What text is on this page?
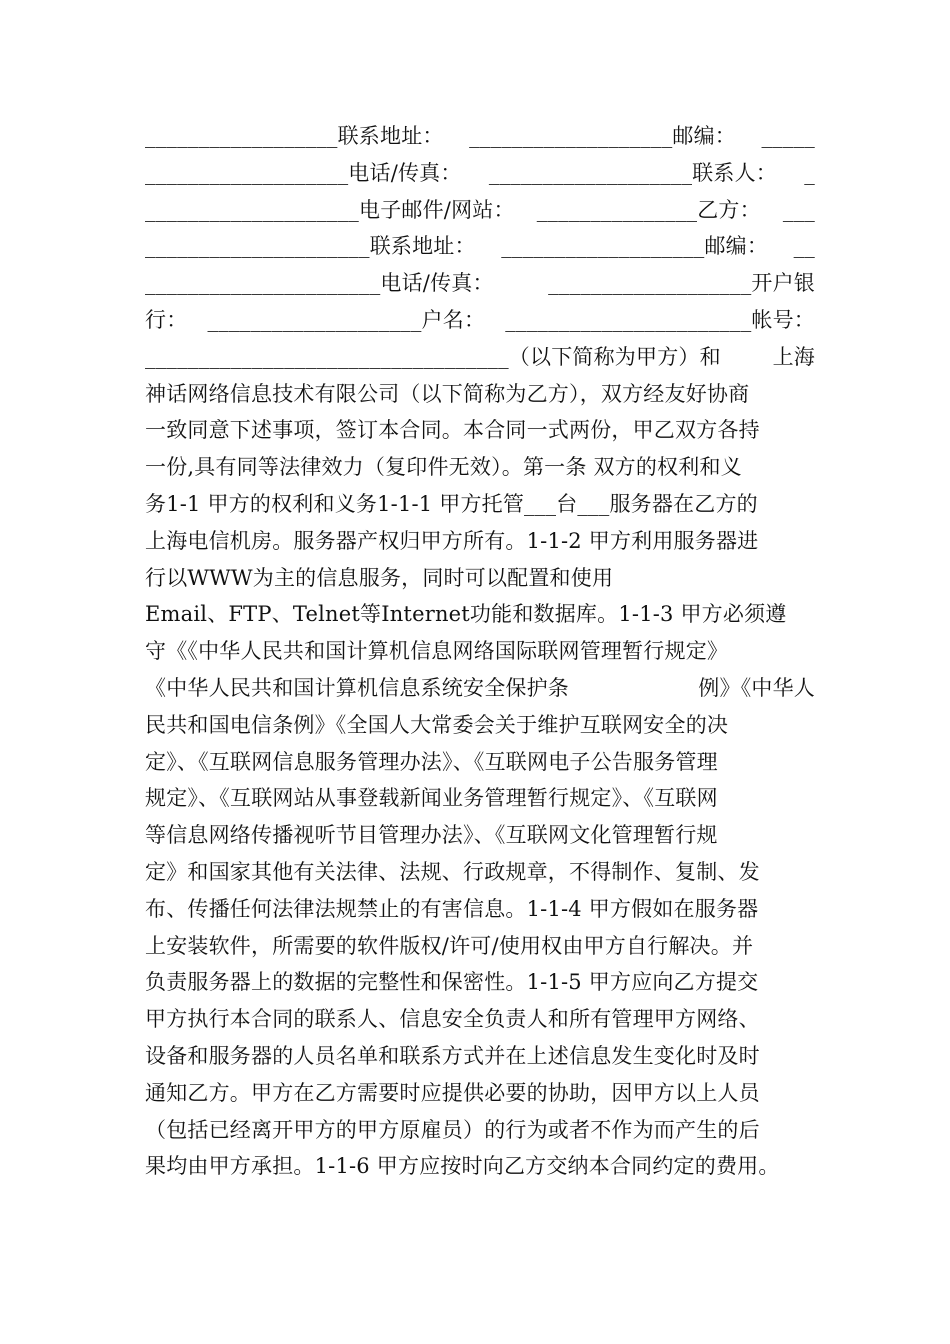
__________________联系地址： ___________________邮编： _____
___________________电话/传真： ___________________联系人： _
____________________电子邮件/网站： _______________乙方： ___
_____________________联系地址： ___________________邮编： __
______________________电话/传真：	___________________开户银
行： ____________________户名： _______________________帐号：
__________________________________（以下简称为甲方）和 上海
神话网络信息技术有限公司（以下简称为乙方），双方经友好协商
一致同意下述事项，签订本合同。本合同一式两份，甲乙双方各持
一份,具有同等法律效力（复印件无效）。第一条 双方的权利和义
务1-1 甲方的权利和义务1-1-1 甲方托管___台___服务器在乙方的
上海电信机房。服务器产权归甲方所有。1-1-2 甲方利用服务器进
行以WWW为主的信息服务，同时可以配置和使用
Email、FTP、Telnet等Internet功能和数据库。1-1-3 甲方必须遵
守《《中华人民共和国计算机信息网络国际联网管理暂行规定》
《中华人民共和国计算机信息系统安全保护条	例》《中华人
民共和国电信条例》《全国人大常委会关于维护互联网安全的决
定》、《互联网信息服务管理办法》、《互联网电子公告服务管理
规定》、《互联网站从事登载新闻业务管理暂行规定》、《互联网
等信息网络传播视听节目管理办法》、《互联网文化管理暂行规
定》和国家其他有关法律、法规、行政规章，不得制作、复制、发
布、传播任何法律法规禁止的有害信息。1-1-4 甲方假如在服务器
上安装软件，所需要的软件版权/许可/使用权由甲方自行解决。并
负责服务器上的数据的完整性和保密性。1-1-5 甲方应向乙方提交
甲方执行本合同的联系人、信息安全负责人和所有管理甲方网络、
设备和服务器的人员名单和联系方式并在上述信息发生变化时及时
通知乙方。甲方在乙方需要时应提供必要的协助，因甲方以上人员
（包括已经离开甲方的甲方原雇员）的行为或者不作为而产生的后
果均由甲方承担。1-1-6 甲方应按时向乙方交纳本合同约定的费用。
